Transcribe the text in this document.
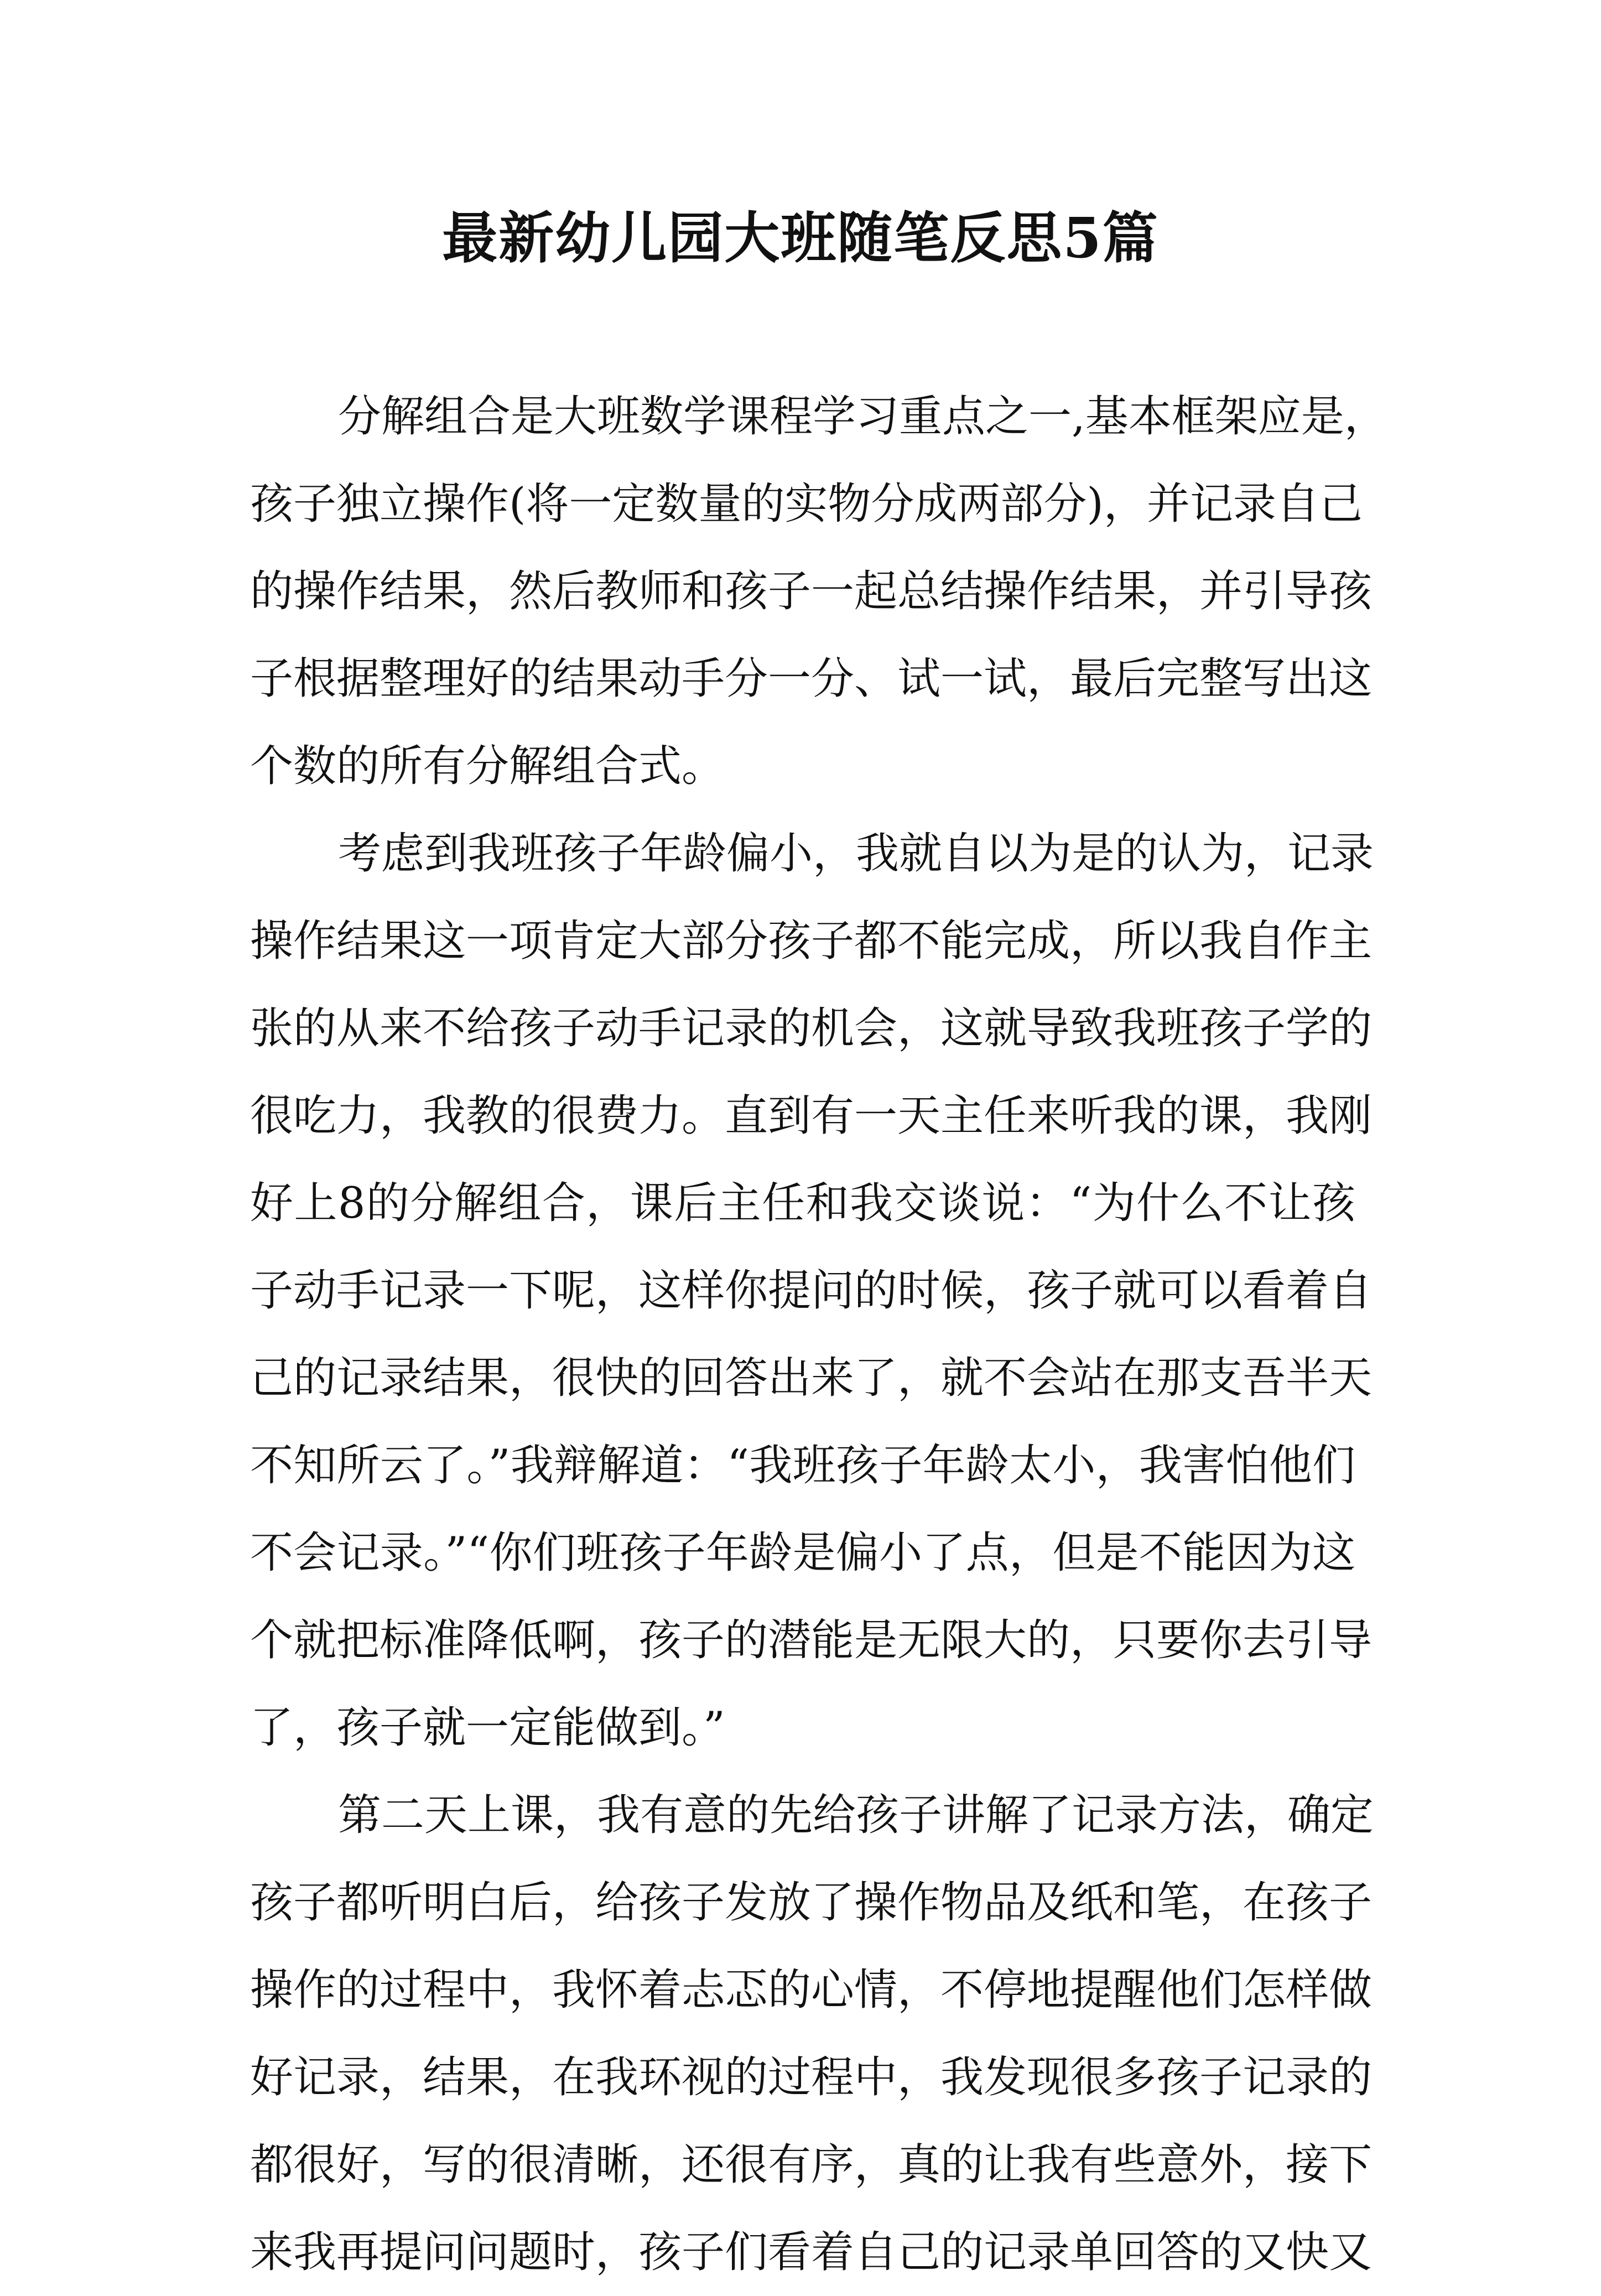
最新幼儿园大班随笔反思5篇
分解组合是大班数学课程学习重点之一,基本框架应是，
孩子独立操作(将一定数量的实物分成两部分)，并记录自己
的操作结果，然后教师和孩子一起总结操作结果，并引导孩
子根据整理好的结果动手分一分、试一试，最后完整写出这
个数的所有分解组合式。
考虑到我班孩子年龄偏小，我就自以为是的认为，记录
操作结果这一项肯定大部分孩子都不能完成，所以我自作主
张的从来不给孩子动手记录的机会，这就导致我班孩子学的
很吃力，我教的很费力。直到有一天主任来听我的课，我刚
好上8的分解组合，课后主任和我交谈说：“为什么不让孩
子动手记录一下呢，这样你提问的时候，孩子就可以看着自
己的记录结果，很快的回答出来了，就不会站在那支吾半天
不知所云了。”我辩解道：“我班孩子年龄太小，我害怕他们
不会记录。”“你们班孩子年龄是偏小了点，但是不能因为这
个就把标准降低啊，孩子的潜能是无限大的，只要你去引导
了，孩子就一定能做到。”
第二天上课，我有意的先给孩子讲解了记录方法，确定
孩子都听明白后，给孩子发放了操作物品及纸和笔，在孩子
操作的过程中，我怀着忐忑的心情，不停地提醒他们怎样做
好记录，结果，在我环视的过程中，我发现很多孩子记录的
都很好，写的很清晰，还很有序，真的让我有些意外，接下
来我再提问问题时，孩子们看着自己的记录单回答的又快又
